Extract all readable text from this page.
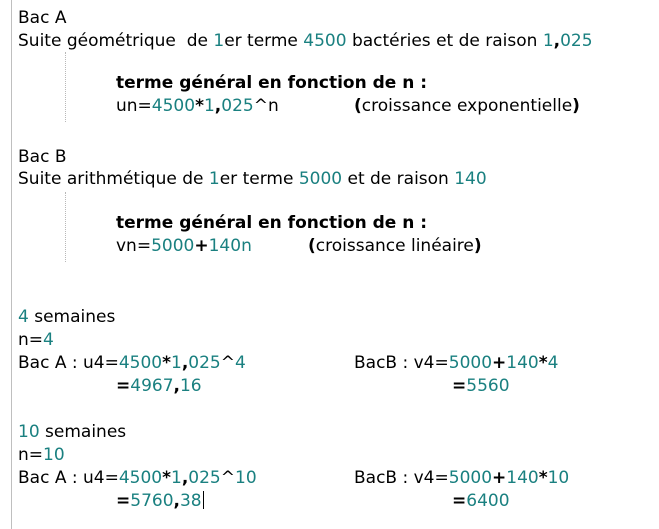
Bac A
Suite géométrique  de 1er terme 4500 bactéries et de raison 1,025
terme général en fonction de n :
un=4500*1,025^n	(croissance exponentielle)
Bac B
Suite arithmétique de 1er terme 5000 et de raison 140
terme général en fonction de n :
vn=5000+140n	(croissance linéaire)
4 semaines
n=4
Bac A : u4=4500*1,025^4	BacB : v4=5000+140*4
=4967,16	=5560
10 semaines
n=10
Bac A : u4=4500*1,025^10	BacB : v4=5000+140*10
=5760,38	=6400
